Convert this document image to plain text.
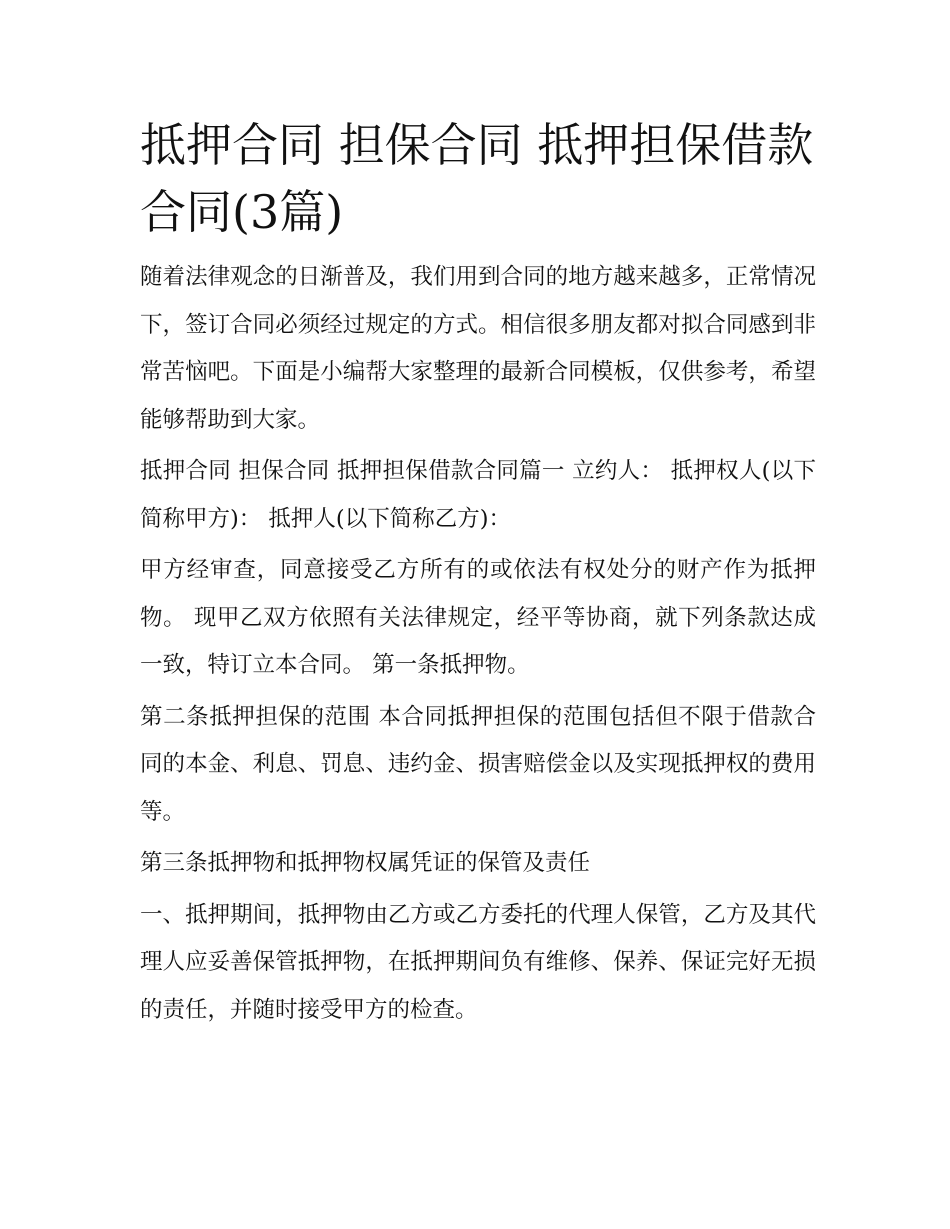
抵押合同 担保合同 抵押担保借款合同(3篇)

随着法律观念的日渐普及，我们用到合同的地方越来越多，正常情况下，签订合同必须经过规定的方式。相信很多朋友都对拟合同感到非常苦恼吧。下面是小编帮大家整理的最新合同模板，仅供参考，希望能够帮助到大家。

抵押合同 担保合同 抵押担保借款合同篇一 立约人： 抵押权人(以下简称甲方)： 抵押人(以下简称乙方)：

甲方经审查，同意接受乙方所有的或依法有权处分的财产作为抵押物。 现甲乙双方依照有关法律规定，经平等协商，就下列条款达成一致，特订立本合同。 第一条抵押物。

第二条抵押担保的范围 本合同抵押担保的范围包括但不限于借款合同的本金、利息、罚息、违约金、损害赔偿金以及实现抵押权的费用等。

第三条抵押物和抵押物权属凭证的保管及责任

一、抵押期间，抵押物由乙方或乙方委托的代理人保管，乙方及其代理人应妥善保管抵押物，在抵押期间负有维修、保养、保证完好无损的责任，并随时接受甲方的检查。
